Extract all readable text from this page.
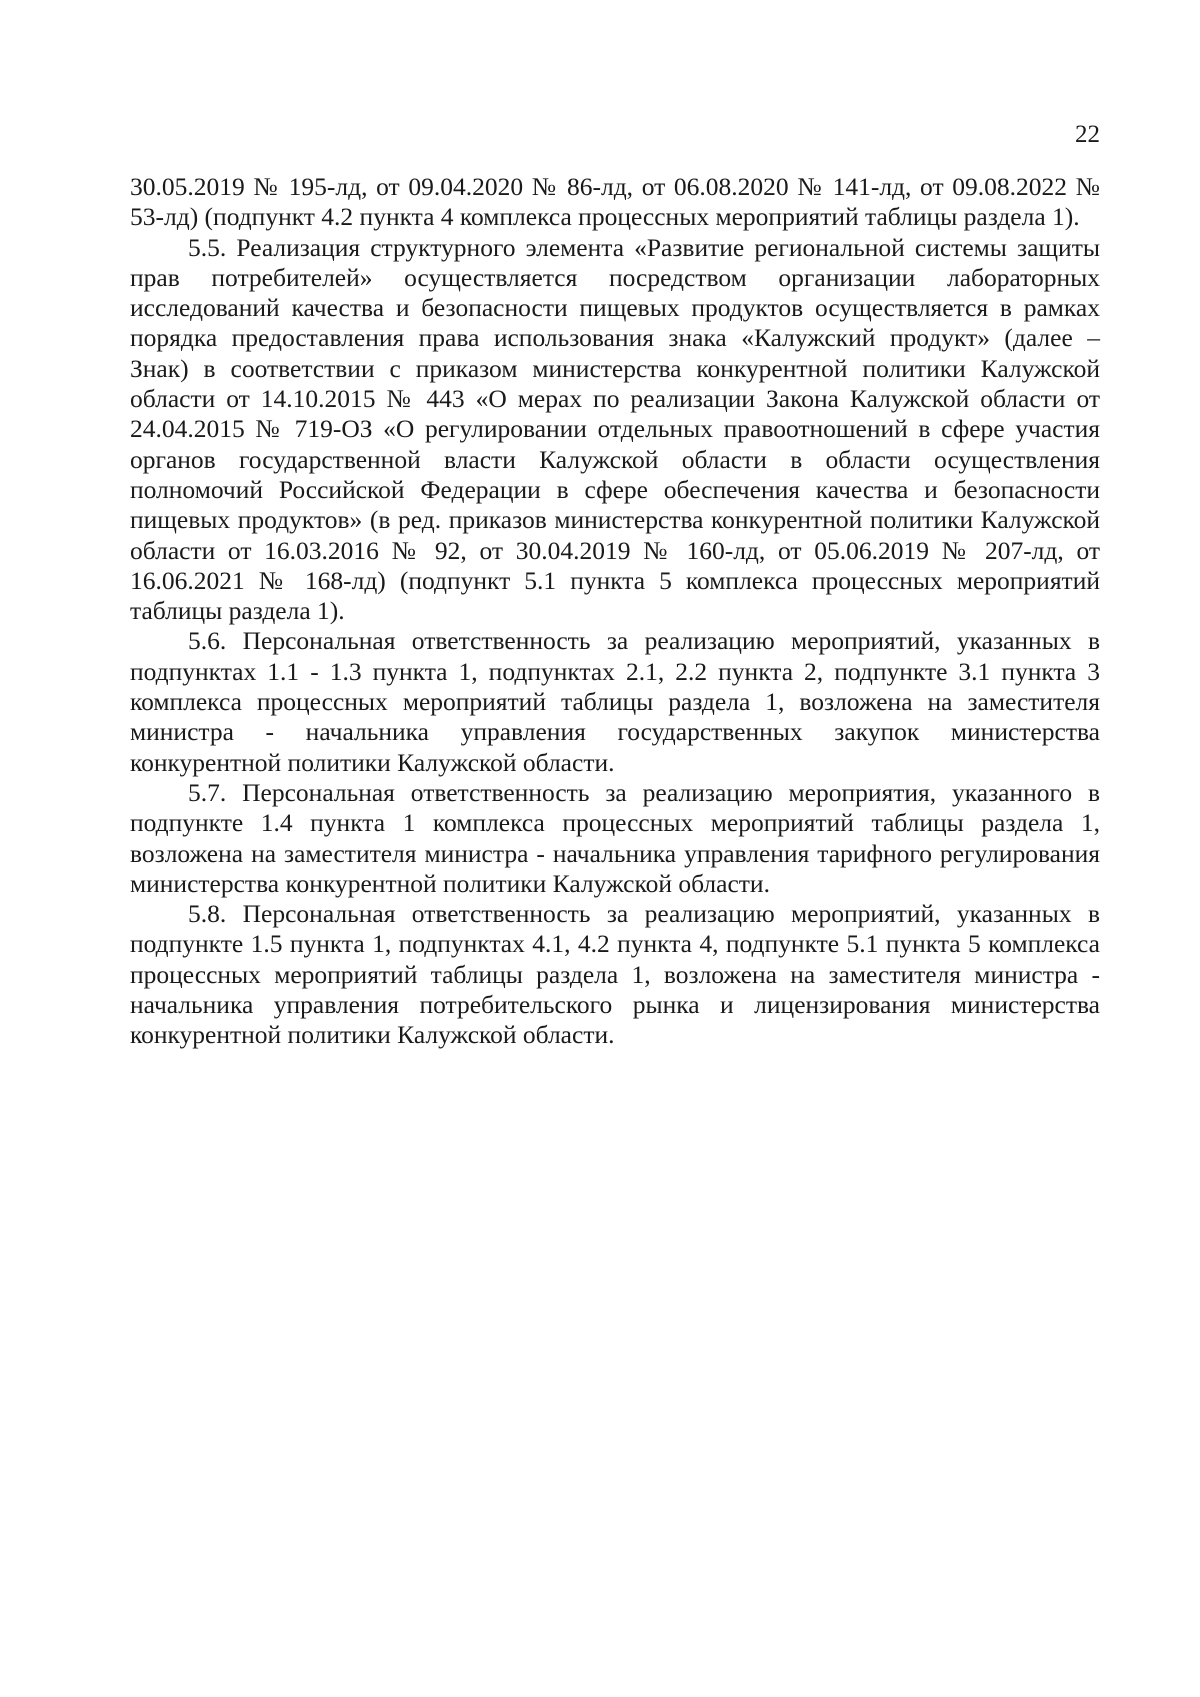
22

30.05.2019 № 195-лд, от 09.04.2020 № 86-лд, от 06.08.2020 № 141-лд, от 09.08.2022 № 53-лд) (подпункт 4.2 пункта 4 комплекса процессных мероприятий таблицы раздела 1).

5.5. Реализация структурного элемента «Развитие региональной системы защиты прав потребителей» осуществляется посредством организации лабораторных исследований качества и безопасности пищевых продуктов осуществляется в рамках порядка предоставления права использования знака «Калужский продукт» (далее – Знак) в соответствии с приказом министерства конкурентной политики Калужской области от 14.10.2015 № 443 «О мерах по реализации Закона Калужской области от 24.04.2015 № 719-ОЗ «О регулировании отдельных правоотношений в сфере участия органов государственной власти Калужской области в области осуществления полномочий Российской Федерации в сфере обеспечения качества и безопасности пищевых продуктов» (в ред. приказов министерства конкурентной политики Калужской области от 16.03.2016 № 92, от 30.04.2019 № 160-лд, от 05.06.2019 № 207-лд, от 16.06.2021 № 168-лд) (подпункт 5.1 пункта 5 комплекса процессных мероприятий таблицы раздела 1).

5.6. Персональная ответственность за реализацию мероприятий, указанных в подпунктах 1.1 - 1.3 пункта 1, подпунктах 2.1, 2.2 пункта 2, подпункте 3.1 пункта 3 комплекса процессных мероприятий таблицы раздела 1, возложена на заместителя министра - начальника управления государственных закупок министерства конкурентной политики Калужской области.

5.7. Персональная ответственность за реализацию мероприятия, указанного в подпункте 1.4 пункта 1 комплекса процессных мероприятий таблицы раздела 1, возложена на заместителя министра - начальника управления тарифного регулирования министерства конкурентной политики Калужской области.

5.8. Персональная ответственность за реализацию мероприятий, указанных в подпункте 1.5 пункта 1, подпунктах 4.1, 4.2 пункта 4, подпункте 5.1 пункта 5 комплекса процессных мероприятий таблицы раздела 1, возложена на заместителя министра - начальника управления потребительского рынка и лицензирования министерства конкурентной политики Калужской области.
